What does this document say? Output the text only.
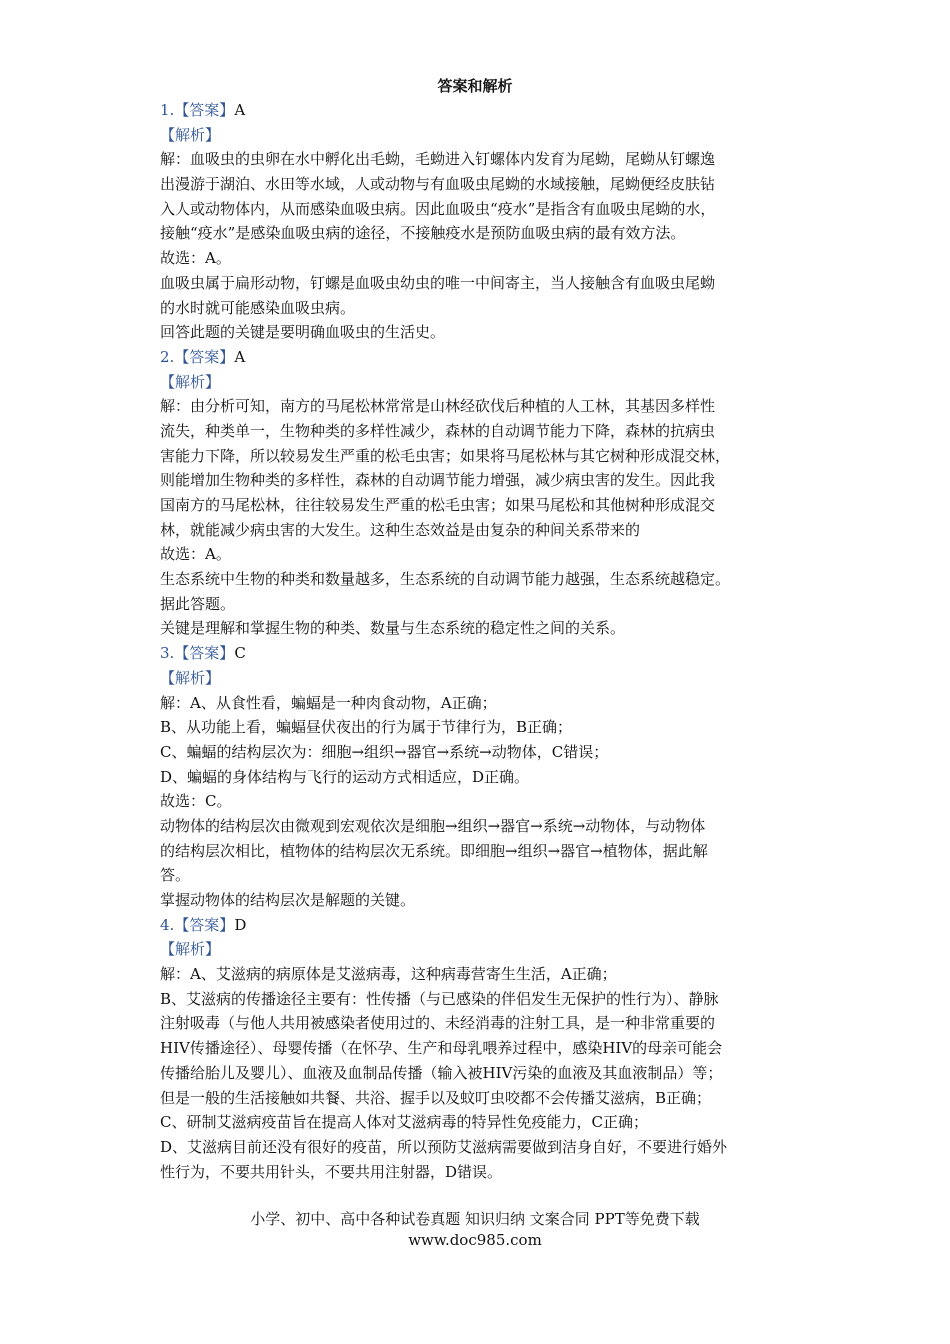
答案和解析
1.【答案】A
【解析】
解：血吸虫的虫卵在水中孵化出毛蚴，毛蚴进入钉螺体内发育为尾蚴，尾蚴从钉螺逸
出漫游于湖泊、水田等水域，人或动物与有血吸虫尾蚴的水域接触，尾蚴便经皮肤钻
入人或动物体内，从而感染血吸虫病。因此血吸虫“疫水”是指含有血吸虫尾蚴的水，
接触“疫水”是感染血吸虫病的途径，不接触疫水是预防血吸虫病的最有效方法。
故选：A。
血吸虫属于扁形动物，钉螺是血吸虫幼虫的唯一中间寄主，当人接触含有血吸虫尾蚴
的水时就可能感染血吸虫病。
回答此题的关键是要明确血吸虫的生活史。
2.【答案】A
【解析】
解：由分析可知，南方的马尾松林常常是山林经砍伐后种植的人工林，其基因多样性
流失，种类单一，生物种类的多样性减少，森林的自动调节能力下降，森林的抗病虫
害能力下降，所以较易发生严重的松毛虫害；如果将马尾松林与其它树种形成混交林，
则能增加生物种类的多样性，森林的自动调节能力增强，减少病虫害的发生。因此我
国南方的马尾松林，往往较易发生严重的松毛虫害；如果马尾松和其他树种形成混交
林，就能减少病虫害的大发生。这种生态效益是由复杂的种间关系带来的
故选：A。
生态系统中生物的种类和数量越多，生态系统的自动调节能力越强，生态系统越稳定。
据此答题。
关键是理解和掌握生物的种类、数量与生态系统的稳定性之间的关系。
3.【答案】C
【解析】
解：A、从食性看，蝙蝠是一种肉食动物，A正确；
B、从功能上看，蝙蝠昼伏夜出的行为属于节律行为，B正确；
C、蝙蝠的结构层次为：细胞→组织→器官→系统→动物体，C错误；
D、蝙蝠的身体结构与飞行的运动方式相适应，D正确。
故选：C。
动物体的结构层次由微观到宏观依次是细胞→组织→器官→系统→动物体，与动物体
的结构层次相比，植物体的结构层次无系统。即细胞→组织→器官→植物体，据此解
答。
掌握动物体的结构层次是解题的关键。
4.【答案】D
【解析】
解：A、艾滋病的病原体是艾滋病毒，这种病毒营寄生生活，A正确；
B、艾滋病的传播途径主要有：性传播（与已感染的伴侣发生无保护的性行为）、静脉
注射吸毒（与他人共用被感染者使用过的、未经消毒的注射工具，是一种非常重要的
HIV传播途径）、母婴传播（在怀孕、生产和母乳喂养过程中，感染HIV的母亲可能会
传播给胎儿及婴儿）、血液及血制品传播（输入被HIV污染的血液及其血液制品）等；
但是一般的生活接触如共餐、共浴、握手以及蚊叮虫咬都不会传播艾滋病，B正确；
C、研制艾滋病疫苗旨在提高人体对艾滋病毒的特异性免疫能力，C正确；
D、艾滋病目前还没有很好的疫苗，所以预防艾滋病需要做到洁身自好，不要进行婚外
性行为，不要共用针头，不要共用注射器，D错误。
小学、初中、高中各种试卷真题 知识归纳 文案合同 PPT等免费下载
www.doc985.com
